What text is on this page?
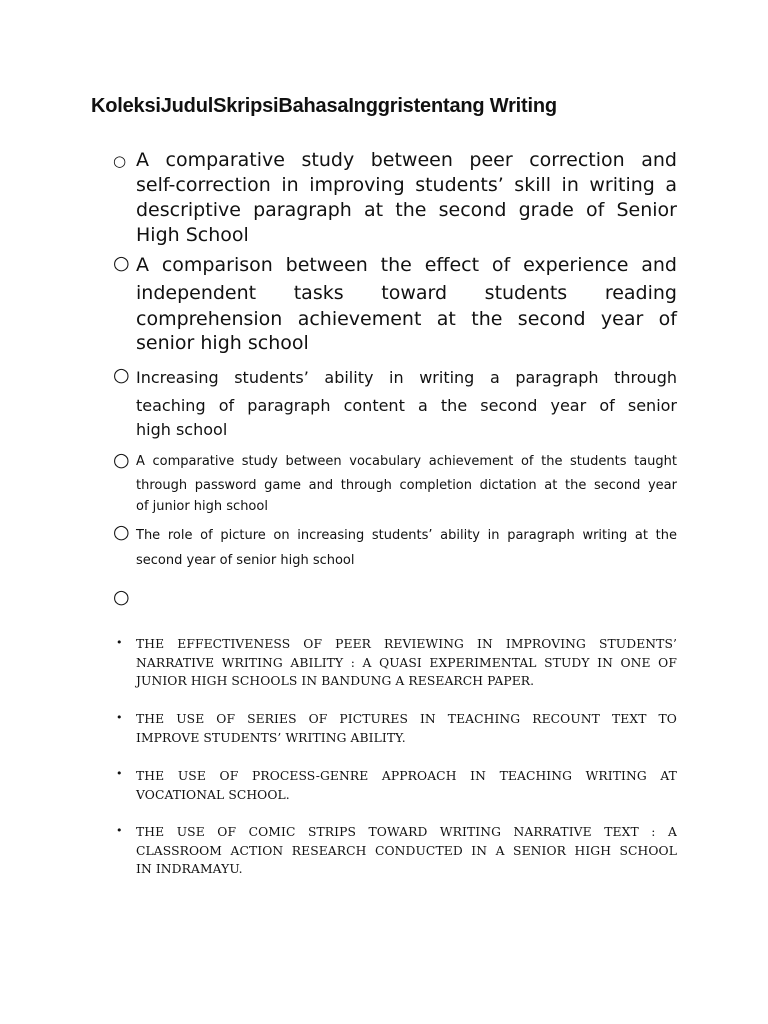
KoleksiJudulSkripsiBahasaInggristentang Writing
○ A comparative study between peer correction and
self-correction in improving students’ skill in writing a
descriptive paragraph at the second grade of Senior
High School
○ A comparison between the effect of experience and
independent tasks toward students reading
comprehension achievement at the second year of
senior high school
○ Increasing students’ ability in writing a paragraph through
teaching of paragraph content a the second year of senior
high school
○ A comparative study between vocabulary achievement of the students taught
through password game and through completion dictation at the second year
of junior high school
○ The role of picture on increasing students’ ability in paragraph writing at the
second year of senior high school
○
• THE EFFECTIVENESS OF PEER REVIEWING IN IMPROVING STUDENTS’
NARRATIVE WRITING ABILITY : A QUASI EXPERIMENTAL STUDY IN ONE OF
JUNIOR HIGH SCHOOLS IN BANDUNG A RESEARCH PAPER.
• THE USE OF SERIES OF PICTURES IN TEACHING RECOUNT TEXT TO
IMPROVE STUDENTS’ WRITING ABILITY.
• THE USE OF PROCESS-GENRE APPROACH IN TEACHING WRITING AT
VOCATIONAL SCHOOL.
• THE USE OF COMIC STRIPS TOWARD WRITING NARRATIVE TEXT : A
CLASSROOM ACTION RESEARCH CONDUCTED IN A SENIOR HIGH SCHOOL
IN INDRAMAYU.
